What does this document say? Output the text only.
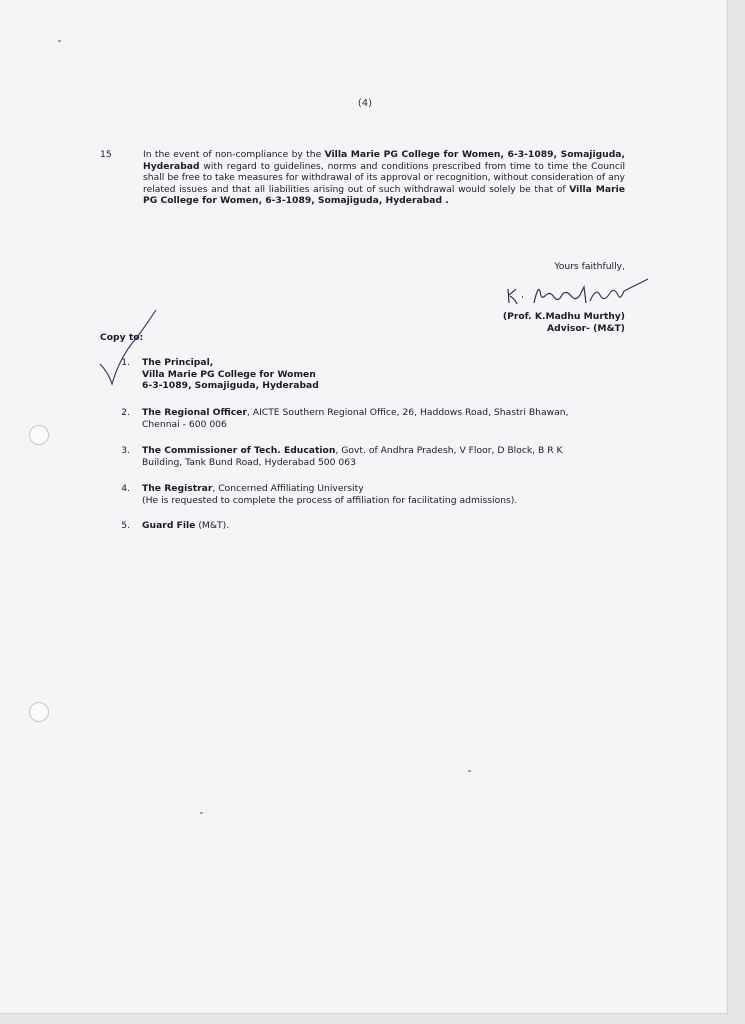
(4)
15	In the event of non-compliance by the Villa Marie PG College for Women, 6-3-1089, Somajiguda, Hyderabad with regard to guidelines, norms and conditions prescribed from time to time the Council shall be free to take measures for withdrawal of its approval or recognition, without consideration of any related issues and that all liabilities arising out of such withdrawal would solely be that of Villa Marie PG College for Women, 6-3-1089, Somajiguda, Hyderabad .
Yours faithfully,
(Prof. K.Madhu Murthy)
Advisor- (M&T)
Copy to:
1. The Principal,
Villa Marie PG College for Women
6-3-1089, Somajiguda, Hyderabad
2. The Regional Officer, AICTE Southern Regional Office, 26, Haddows Road, Shastri Bhawan, Chennai - 600 006
3. The Commissioner of Tech. Education, Govt. of Andhra Pradesh, V Floor, D Block, B R K Building, Tank Bund Road, Hyderabad 500 063
4. The Registrar, Concerned Affiliating University
(He is requested to complete the process of affiliation for facilitating admissions).
5. Guard File (M&T).
